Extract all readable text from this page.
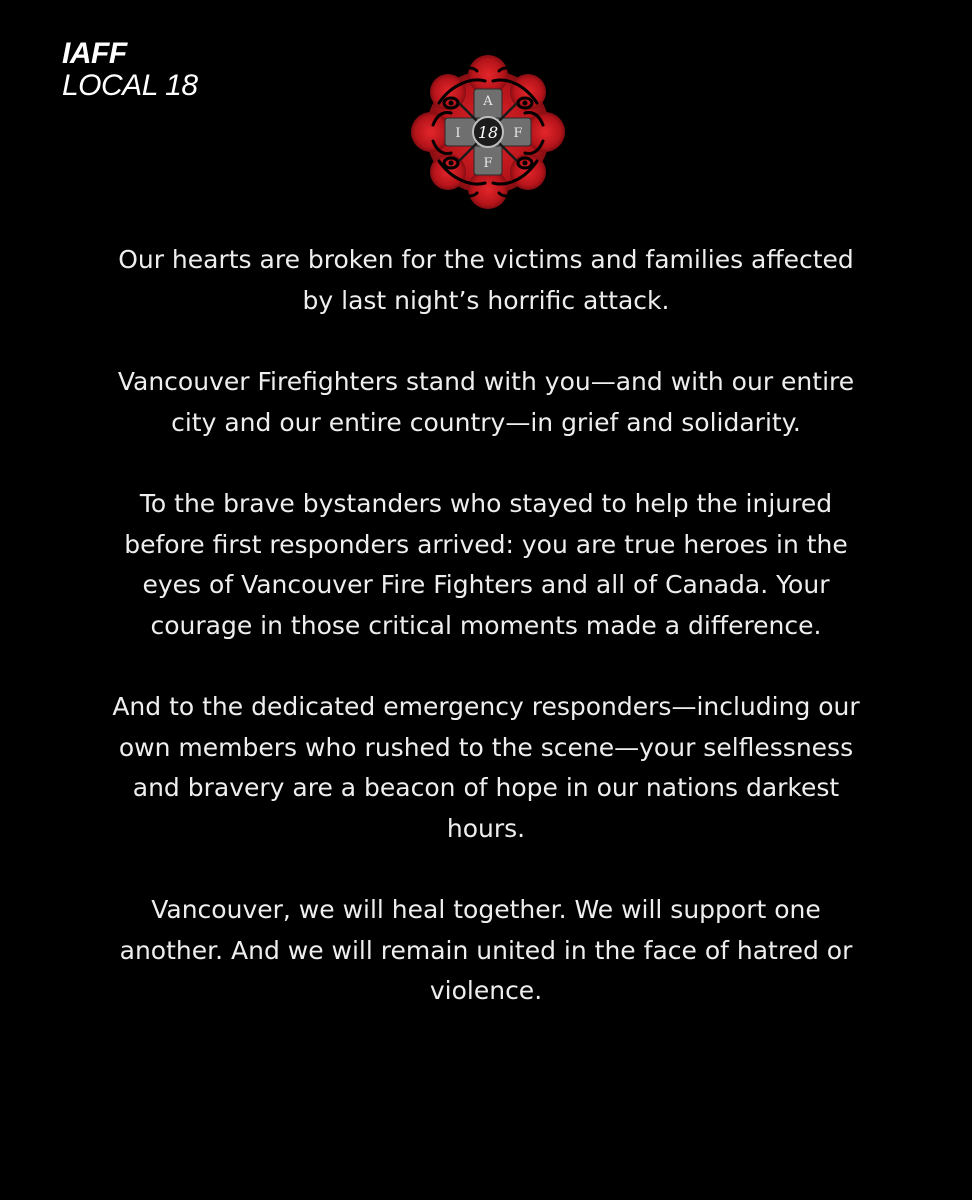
IAFF
LOCAL 18	A
I	F
F
18

Our hearts are broken for the victims and families affected by last night’s horrific attack.

Vancouver Firefighters stand with you—and with our entire city and our entire country—in grief and solidarity.

To the brave bystanders who stayed to help the injured before first responders arrived: you are true heroes in the eyes of Vancouver Fire Fighters and all of Canada. Your courage in those critical moments made a difference.

And to the dedicated emergency responders—including our own members who rushed to the scene—your selflessness and bravery are a beacon of hope in our nations darkest hours.

Vancouver, we will heal together. We will support one another. And we will remain united in the face of hatred or violence.
